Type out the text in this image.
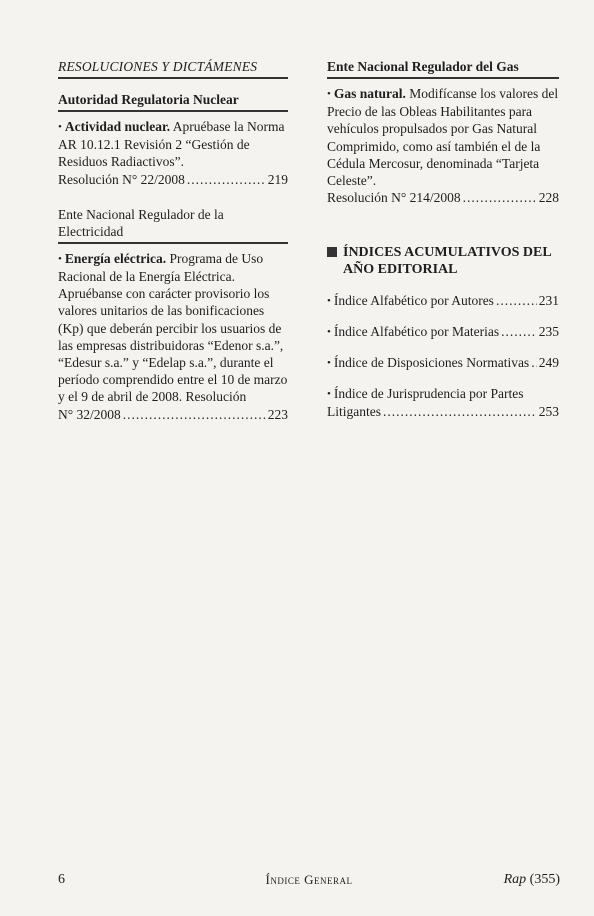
RESOLUCIONES Y DICTÁMENES
Autoridad Regulatoria Nuclear
• Actividad nuclear. Apruébase la Norma AR 10.12.1 Revisión 2 “Gestión de Residuos Radiactivos”.
Resolución N° 22/2008 .....	219
Ente Nacional Regulador de la Electricidad
• Energía eléctrica. Programa de Uso Racional de la Energía Eléctrica. Apruébanse con carácter provisorio los valores unitarios de las bonificaciones (Kp) que deberán percibir los usuarios de las empresas distribuidoras “Edenor s.a.”, “Edesur s.a.” y “Edelap s.a.”, durante el período comprendido entre el 10 de marzo y el 9 de abril de 2008. Resolución
N° 32/2008 .....	223
Ente Nacional Regulador del Gas
• Gas natural. Modifícanse los valores del Precio de las Obleas Habilitantes para vehículos propulsados por Gas Natural Comprimido, como así también el de la Cédula Mercosur, denominada “Tarjeta Celeste”.
Resolución N° 214/2008 .....	228
ÍNDICES ACUMULATIVOS DEL AÑO EDITORIAL
• Índice Alfabético por Autores .....	231
• Índice Alfabético por Materias .....	235
• Índice de Disposiciones Normativas ..... 249
• Índice de Jurisprudencia por Partes
Litigantes .....	253
6	Índice General	Rap (355)
